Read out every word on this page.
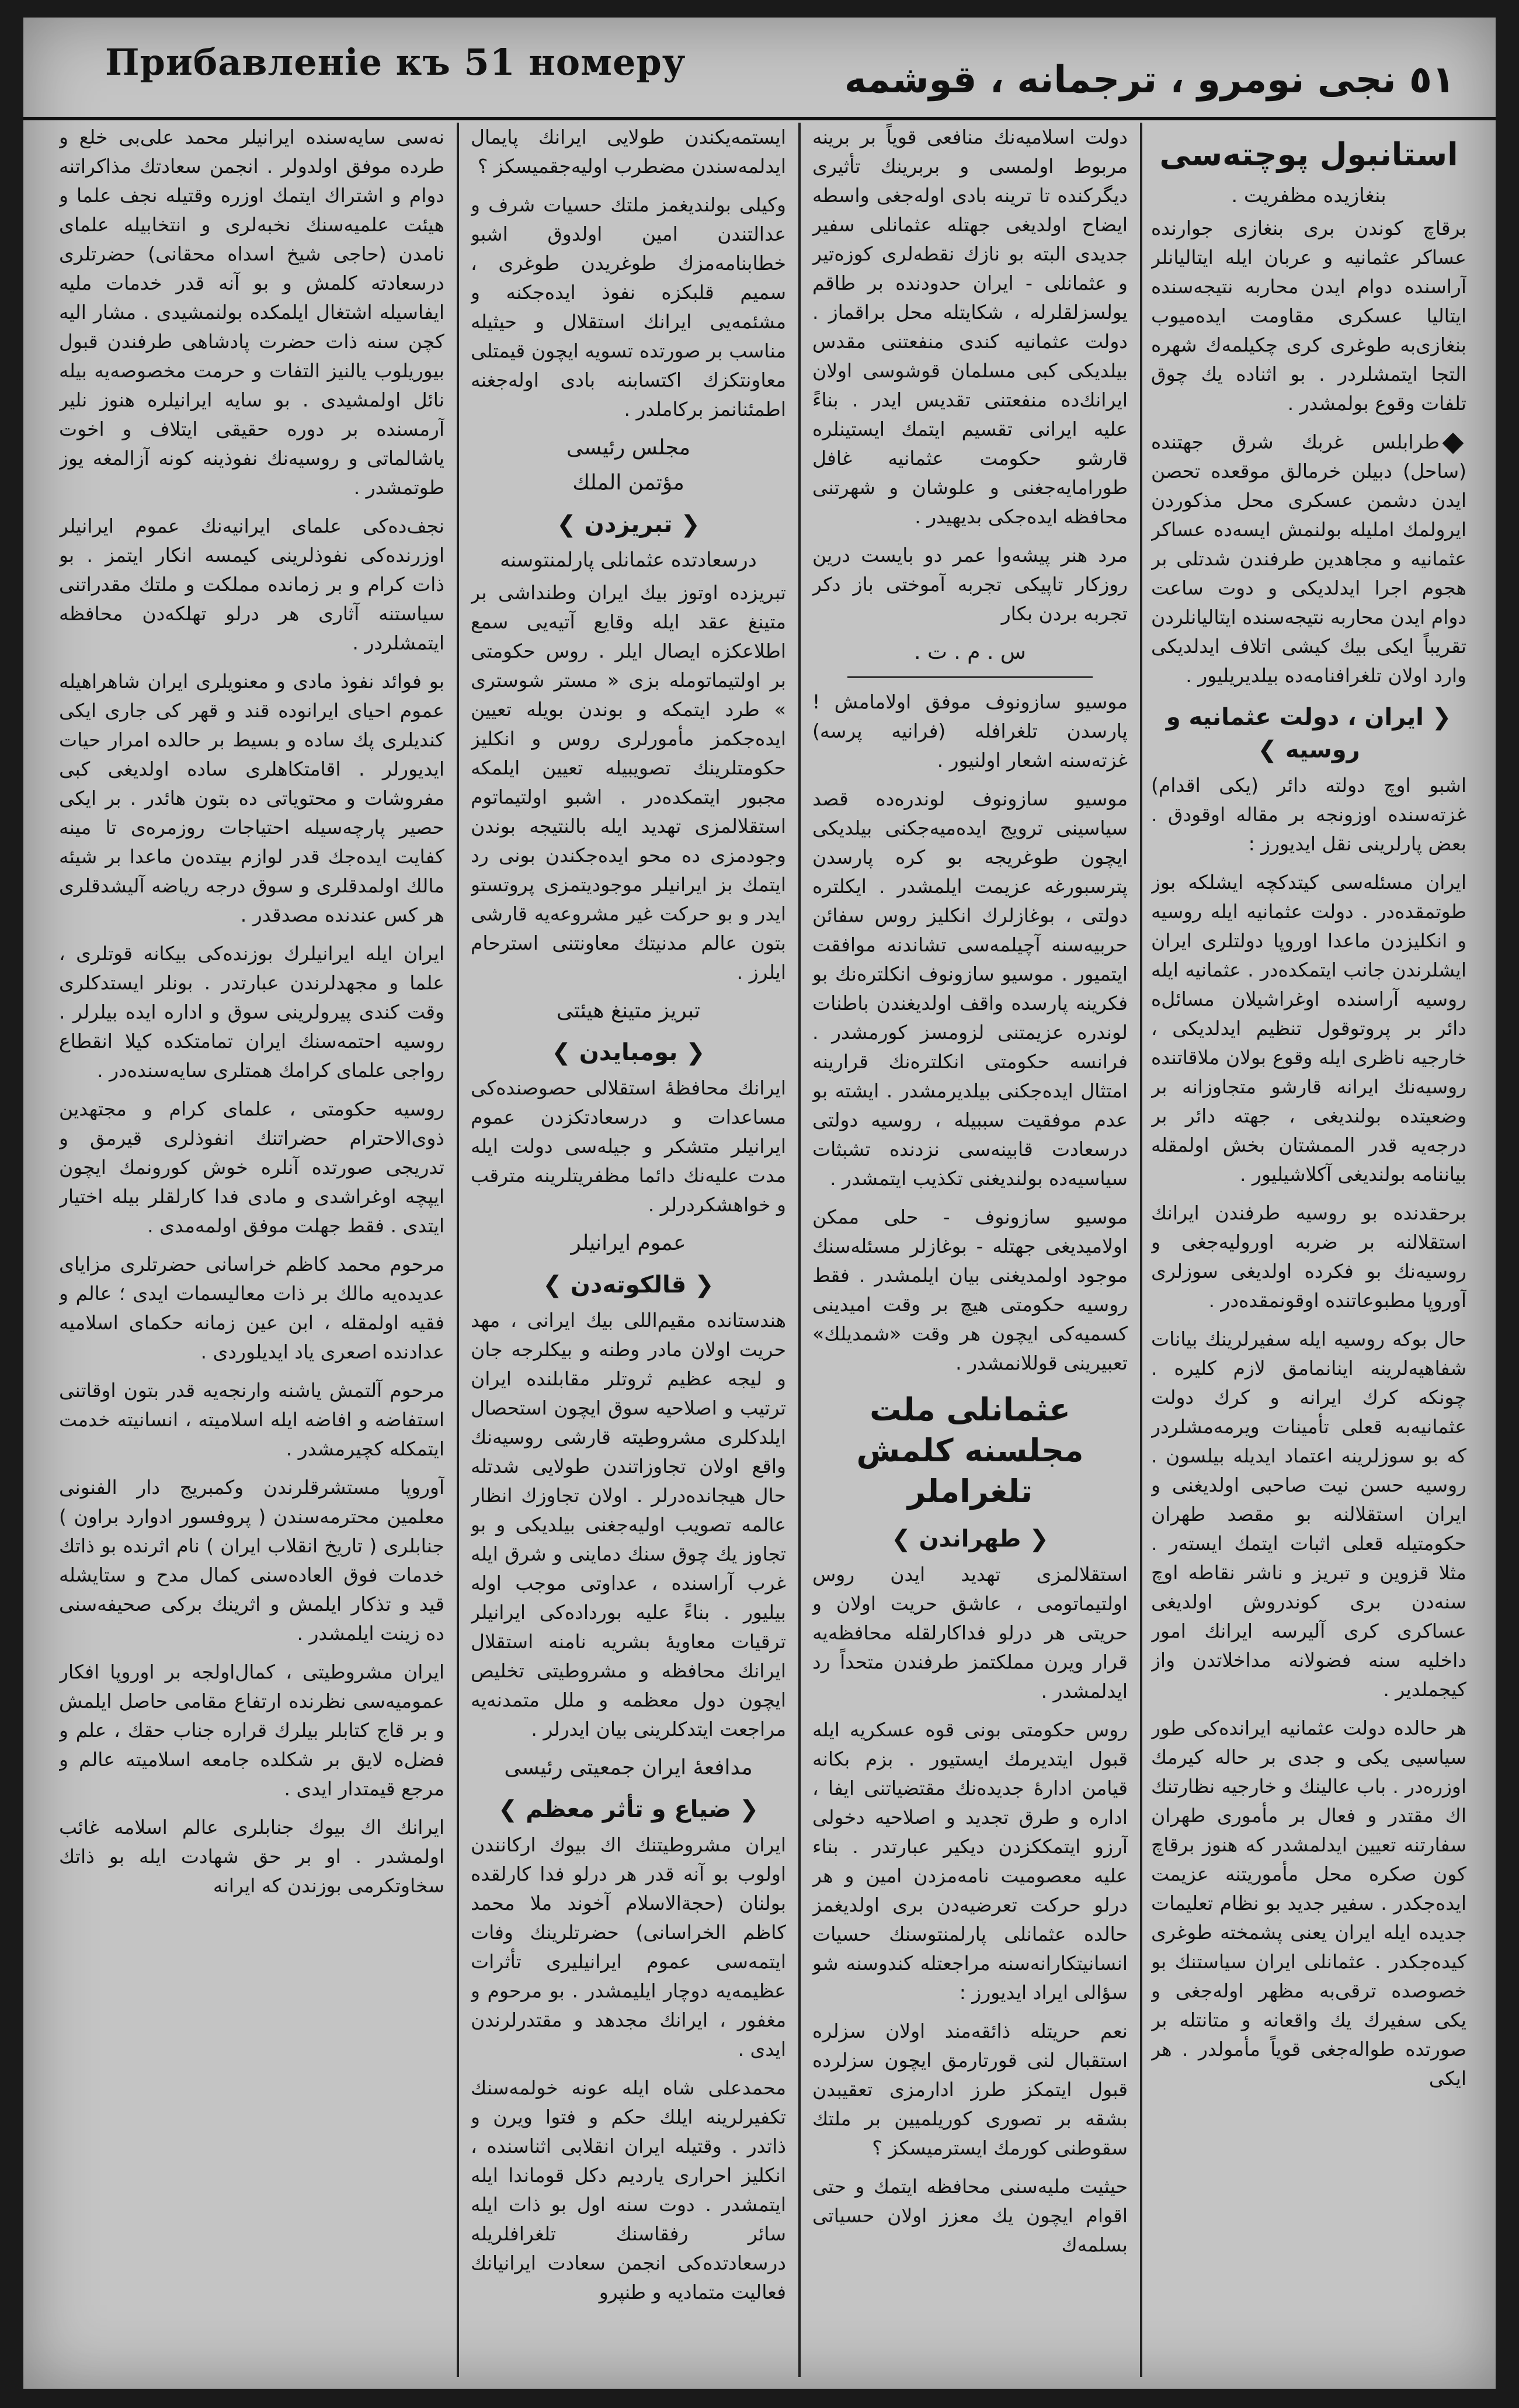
Прибавленіе къ 51 номеру	٥١ نجى نومرو ، ترجمانه ، قوشمه
استانبول پوچته‌سی
بنغازیده مظفریت .

برقاچ كوندن برى بنغازى جوارنده عساكر عثمانيه و عربان ايله ايتاليانلر آراسنده دوام ايدن محاربه نتيجه‌سنده ايتاليا عسكرى مقاومت ايده‌ميوب بنغازى‌به طوغرى كرى چكيلمه‌ك شهره التجا ايتمشلردر . بو اثناده يك چوق تلفات وقوع بولمشدر .

طرابلس غربك شرق جهتنده (ساحل) دبيلن خرمالق موقعده تحصن ايدن دشمن عسكرى محل مذكوردن ايرولمك امليله بولنمش ايسه‌ده عساكر عثمانيه و مجاهدين طرفندن شدتلى بر هجوم اجرا ايدلديكى و دوت ساعت دوام ايدن محاربه نتيجه‌سنده ايتاليانلردن تقريباً ايكى بيك كيشى اتلاف ايدلديكى وارد اولان تلغرافنامه‌ده بيلديريليور .

❮ ايران ، دولت عثمانيه و روسيه ❯

اشبو اوچ دولته دائر (يكى اقدام) غزته‌سنده اوزونجه بر مقاله اوقودق . بعض پارلرينى نقل ايديورز :

ايران مسئله‌سى كيتدكچه ايشلكه بوز طوتمقده‌در . دولت عثمانيه ايله روسيه و انكليزدن ماعدا اوروپا دولتلرى ايران ايشلرندن جانب ايتمكده‌در . عثمانيه ايله روسيه آراسنده اوغراشيلان مسائل‌ه دائر بر پروتوقول تنظيم ايدلديكى ، خارجيه ناظرى ايله وقوع بولان ملاقاتنده روسيه‌نك ايرانه قارشو متجاوزانه بر وضعيتده بولنديغى ، جهته دائر بر درجه‌يه قدر الممشتان بخش اولمقله بياننامه بولنديغى آكلاشيليور .

برحقدنده بو روسيه طرفندن ايرانك استقلالنه بر ضربه اوروليه‌جغى و روسيه‌نك بو فكرده اولديغى سوزلرى آوروپا مطبوعاتنده اوقونمقده‌در .

حال بوكه روسيه ايله سفيرلرينك بيانات شفاهيه‌لرينه اينانمامق لازم كليره . چونكه كرك ايرانه و كرك دولت عثمانيه‌به قعلى تأمينات ويرمه‌مشلردر كه بو سوزلرينه اعتماد ايديله بيلسون . روسيه حسن نيت صاحبى اولديغنى و ايران استقلالنه بو مقصد طهران حكومتيله قعلى اثبات ايتمك ايسته‌ر . مثلا قزوين و تبريز و ناشر نقاطه اوچ سنه‌دن برى كوندروش اولديغى عساكرى كرى آليرسه ايرانك امور داخليه سنه فضولانه مداخلاتدن واز كيجملد‌ير .

هر حالده دولت عثمانيه ايرانده‌كى طور سياسيى يكى و جدى بر حاله كيرمك اوزره‌در . باب عالينك و خارجيه نظارتنك اك مقتدر و فعال بر مأمورى طهران سفارتنه تعيين ايدلمشدر كه هنوز برقاچ كون صكره محل مأموريتنه عزيمت ايده‌جكدر . سفير جديد بو نظام تعليمات جديده ايله ايران يعنى پشمخته طوغرى كيده‌جكدر . عثمانلى ايران سياستنك بو خصوصده ترقى‌به مظهر اوله‌جغى و يكى سفيرك يك واقعانه و متانتله بر صورتده طواله‌جغى قوياً مأمولدر . هر ايكى

دولت اسلاميه‌نك منافعى قوياً بر برينه مربوط اولمسى و بربرينك تأثيرى ديگركنده تا ترينه بادى اوله‌جغى واسطه ايضاح اولديغى جهتله عثمانلى سفير جديدى البته بو نازك نقطه‌لرى كوزه‌تير و عثمانلى - ايران حدودنده بر طاقم يولسزلقلرله ، شكايتله محل براقماز . دولت عثمانيه كندى منفعتنى مقدس بيلديكى كبى مسلمان قوشوسى اولان ايرانك‌ده منفعتنى تقديس ايدر . بناءً عليه ايرانى تقسيم ايتمك ايستينلره قارشو حكومت عثمانيه غافل طورامايه‌جغنى و علوشان و شهرتنى محافظه ايده‌جكى بديهيدر .

مرد هنر پيشه‌وا عمر دو بايست درين روزكار تاپيكى تجربه آموختى باز دكر تجربه بردن بكار

س . م . ت .

موسيو سازونوف موفق اولامامش ! پارسدن تلغرافله (فرانيه پرسه) غزته‌سنه اشعار اولنيور .

موسيو سازونوف لوندره‌ده قصد سياسينى ترويج ايده‌ميه‌جكنى بيلديكى ايچون طوغريجه بو كره پارسدن پترسبورغه عزيمت ايلمشدر . ايكلتره دولتى ، بوغازلرك انكليز روس سفائن حربيه‌سنه آچيلمه‌سى تشاندنه موافقت ايتميور . موسيو سازونوف انكلتره‌نك بو فكرينه پارسده واقف اولديغندن باطنات لوندره عزيمتنى لزومسز كورمشدر . فرانسه حكومتى انكلتره‌نك قرارينه امتثال ايده‌جكنى بيلديرمشدر . ايشته بو عدم موفقيت سببيله ، روسيه دولتى درسعادت قابينه‌سى نزدنده تشبثات سياسيه‌ده بولنديغنى تكذيب ايتمشدر .

موسيو سازونوف - حلى ممكن اولاميديغى جهتله - بوغازلر مسئله‌سنك موجود اولمديغنى بيان ايلمشدر . فقط روسيه حكومتى هيچ بر وقت اميدينى كسميه‌كى ايچون هر وقت «شمديلك» تعبيرينى قوللانمشدر .

عثمانلى ملت مجلسنه كلمش تلغراملر
❮ طهراندن ❯

استقلالمزى تهديد ايدن روس اولتيماتومى ، عاشق حريت اولان و حريتى هر درلو فداكارلقله محافظه‌يه قرار ويرن مملكتمز طرفندن متحداً رد ايدلمشدر .

روس حكومتى بونى قوه عسكريه ايله قبول ايتديرمك ايستيور . بزم بكانه قيامن ادارهٔ جديده‌نك مقتضياتنى ايفا ، اداره و طرق تجديد و اصلاحيه دخولى آرزو ايتمككزدن ديكير عبارتدر . بناء عليه معصوميت نامه‌مزدن امين و هر درلو حركت تعرضيه‌دن برى اولديغمز حالده عثمانلى پارلمنتوسنك حسيات انسانيتكارانه‌سنه مراجعتله كندوسنه شو سؤالى ايراد ايديورز :

نعم حريتله ذائقه‌مند اولان سزلره استقبال لنى قورتارمق ايچون سزلرده قبول ايتمكز طرز ادارمزى تعقيبدن بشقه بر تصورى كوريلميين بر ملتك سقوطنى كورمك ايسترميسكز ؟

حيثيت مليه‌سنى محافظه ايتمك و حتى اقوام ايچون يك معزز اولان حسياتى بسلمه‌ك

ايستمه‌يكندن طولايى ايرانك پايمال ايدلمه‌سندن مضطرب اوليه‌جقميسكز ؟

وكيلى بولنديغمز ملتك حسيات شرف و عدالتندن امين اولدوق اشبو خطابنامه‌مزك طوغريدن طوغرى ، سميم قلبكزه نفوذ ايده‌جكنه و مشئمه‌يى ايرانك استقلال و حيثيله مناسب بر صورتده تسويه ايچون قيمتلى معاونتكزك اكتسابنه بادى اوله‌جغنه اطمئنانمز بركاملدر .

مجلس رئيسى
مؤتمن الملك
❮ تبريزدن ❯
درسعادتده عثمانلى پارلمنتوسنه

تبريزده اوتوز بيك ايران وطنداشى بر متينغ عقد ايله وقايع آتيه‌يى سمع اطلاعكزه ايصال ايلر . روس حكومتى بر اولتيماتومله بزى « مستر شوسترى » طرد ايتمكه و بوندن بويله تعيين ايده‌جكمز مأمورلرى روس و انكليز حكومتلرينك تصويبيله تعيين ايلمكه مجبور ايتمكده‌در . اشبو اولتيماتوم استقلالمزى تهديد ايله بالنتيجه بوندن وجودمزى ده محو ايده‌جكندن بونى رد ايتمك بز ايرانيلر موجوديتمزى پروتستو ايدر و بو حركت غير مشروعه‌يه قارشى بتون عالم مدنيتك معاونتنى استرحام ايلرز .

تبريز متينغ هيئتى
❮ بومبايدن ❯

ايرانك محافظهٔ استقلالى حصوصنده‌كى مساعدات و درسعادتكزدن عموم ايرانيلر متشكر و جيله‌سى دولت ايله مدت عليه‌نك دائما مظفريتلرينه مترقب و خواهشكردرلر .

عموم ايرانيلر
❮ قالكوته‌دن ❯

هندستانده مقيم‌اللى بيك ايرانى ، مهد حريت اولان مادر وطنه و بيكلرجه جان و ليجه عظيم ثروتلر مقابلنده ايران ترتيب و اصلاحيه سوق ايچون استحصال ايلدكلرى مشروطيته قارشى روسيه‌نك واقع اولان تجاوزاتندن طولايى شدتله حال هيجانده‌درلر . اولان تجاوزك انظار عالمه تصويب اوليه‌جغنى بيلديكى و بو تجاوز يك چوق سنك دماينى و شرق ايله غرب آراسنده ، عداوتى موجب اوله بيليور . بناءً عليه بورداده‌كى ايرانيلر ترقيات معاويهٔ بشريه نامنه استقلال ايرانك محافظه و مشروطيتى تخليص ايچون دول معظمه و ملل متمدنه‌يه مراجعت ايتدكلرينى بيان ايدرلر .

مدافعهٔ ايران جمعيتى رئيسى
❮ ضياع و تأثر معظم ❯

ايران مشروطيتنك اك بيوك اركانندن اولوب بو آنه قدر هر درلو فدا كارلقده بولنان (حجة‌الاسلام آخوند ملا محمد كاظم الخراسانى) حضرتلرينك وفات ايتمه‌سى عموم ايرانيليرى تأثرات عظيمه‌يه دوچار ايليمشدر . بو مرحوم و مغفور ، ايرانك مجدهد و مقتدرلرندن ايدى .

محمدعلى شاه ايله عونه خولمه‌سنك تكفيرلرينه ايلك حكم و فتوا ويرن و ذاتدر . وقتيله ايران انقلابى اثناسنده ، انكليز احرارى يارديم دكل قوماندا ايله ايتمشدر . دوت سنه اول بو ذات ايله سائر رفقاسنك تلغرافلريله درسعادتده‌كى انجمن سعادت ايرانيانك فعاليت متماديه و طنپرو

نه‌سى سايه‌سنده ايرانيلر محمد على‌بى خلع و طرده موفق اولدولر . انجمن سعادتك مذاكراتنه دوام و اشتراك ايتمك اوزره وقتيله نجف علما و هيئت علميه‌سنك نخبه‌لرى و انتخابيله علماى نامدن (حاجى شيخ اسداه محقانى) حضرتلرى درسعادته كلمش و بو آنه قدر خدمات مليه ايفاسيله اشتغال ايلمكده بولنمشيدى . مشار اليه كچن سنه ذات حضرت پادشاهى طرفندن قبول بيوريلوب يالنيز التفات و حرمت مخصوصه‌يه بيله نائل اولمشيدى . بو سايه ايرانيلره هنوز نلير آرمسنده بر دوره حقيقى ايتلاف و اخوت ياشالماتى و روسيه‌نك نفوذينه كونه آزالمغه يوز طوتمشدر .

نجف‌ده‌كى علماى ايرانيه‌نك عموم ايرانيلر اوزرنده‌كى نفوذلرينى كيمسه انكار ايتمز . بو ذات كرام و بر زمانده مملكت و ملتك مقدراتنى سياستنه آثارى هر درلو تهلكه‌دن محافظه ايتمشلردر .

بو فوائد نفوذ مادى و معنويلرى ايران شاهراهيله عموم احياى ايرانوده قند و قهر كى جارى ايكى كنديلرى پك ساده و بسيط بر حالده امرار حيات ايديورلر . اقامتكاهلرى ساده اولديغى كبى مفروشات و محتوياتى ده بتون هائدر . بر ايكى حصير پارچه‌سيله احتياجات روزمره‌ى تا مينه كفايت ايده‌جك قدر لوازم بيتده‌ن ماعدا بر شيئه مالك اولمدقلرى و سوق درجه رياضه آليشدقلرى هر كس عندنده مصدقدر .

ايران ايله ايرانيلرك بوزنده‌كى بيكانه قوتلرى ، علما و مجهدلرندن عبارتدر . بونلر ايستدكلرى وقت كندى پيرولرينى سوق و اداره ايده بيلرلر . روسيه احتمه‌سنك ايران تمامتكده كيلا انقطاع رواجى علماى كرامك همتلرى سايه‌سنده‌در .

روسيه حكومتى ، علماى كرام و مجتهدين ذوى‌الاحترام حضراتنك انفوذلرى قيرمق و تدريجى صورتده آنلره خوش كورونمك ايچون ايپچه اوغراشدى و مادى فدا كارلقلر بيله اختيار ايتدى . فقط جهلت موفق اولمه‌مدى .

مرحوم محمد كاظم خراسانى حضرتلرى مزاياى عديده‌يه مالك بر ذات معاليسمات ايدى ؛ عالم و فقيه اولمقله ، ابن عين زمانه حكماى اسلاميه عدادنده اصعرى ياد ايديلوردى .

مرحوم آلتمش ياشنه وارنجه‌يه قدر بتون اوقاتنى استفاضه و افاضه ايله اسلاميته ، انسانيته خدمت ايتمكله كچيرمشدر .

آوروپا مستشرقلرندن وكمبريج دار الفنونى معلمين محترمه‌سندن ( پروفسور ادوارد براون ) جنابلرى ( تاريخ انقلاب ايران ) نام اثرنده بو ذاتك خدمات فوق العاده‌سنى كمال مدح و ستايشله قيد و تذكار ايلمش و اثرينك بركى صحيفه‌سنى ده زينت ايلمشدر .

ايران مشروطيتى ، كمال‌اولجه بر اوروپا افكار عموميه‌سى نظرنده ارتفاع مقامى حاصل ايلمش و بر قاج كتابلر بيلرك قراره جناب حقك ، علم و فضل‌ه لايق بر شكلده جامعه اسلاميته عالم و مرجع قيمتدار ايدى .

ايرانك اك بيوك جنابلرى عالم اسلامه غائب اولمشدر . او بر حق شهادت ايله بو ذاتك سخاوتكرمى بوزندن كه ايرانه
